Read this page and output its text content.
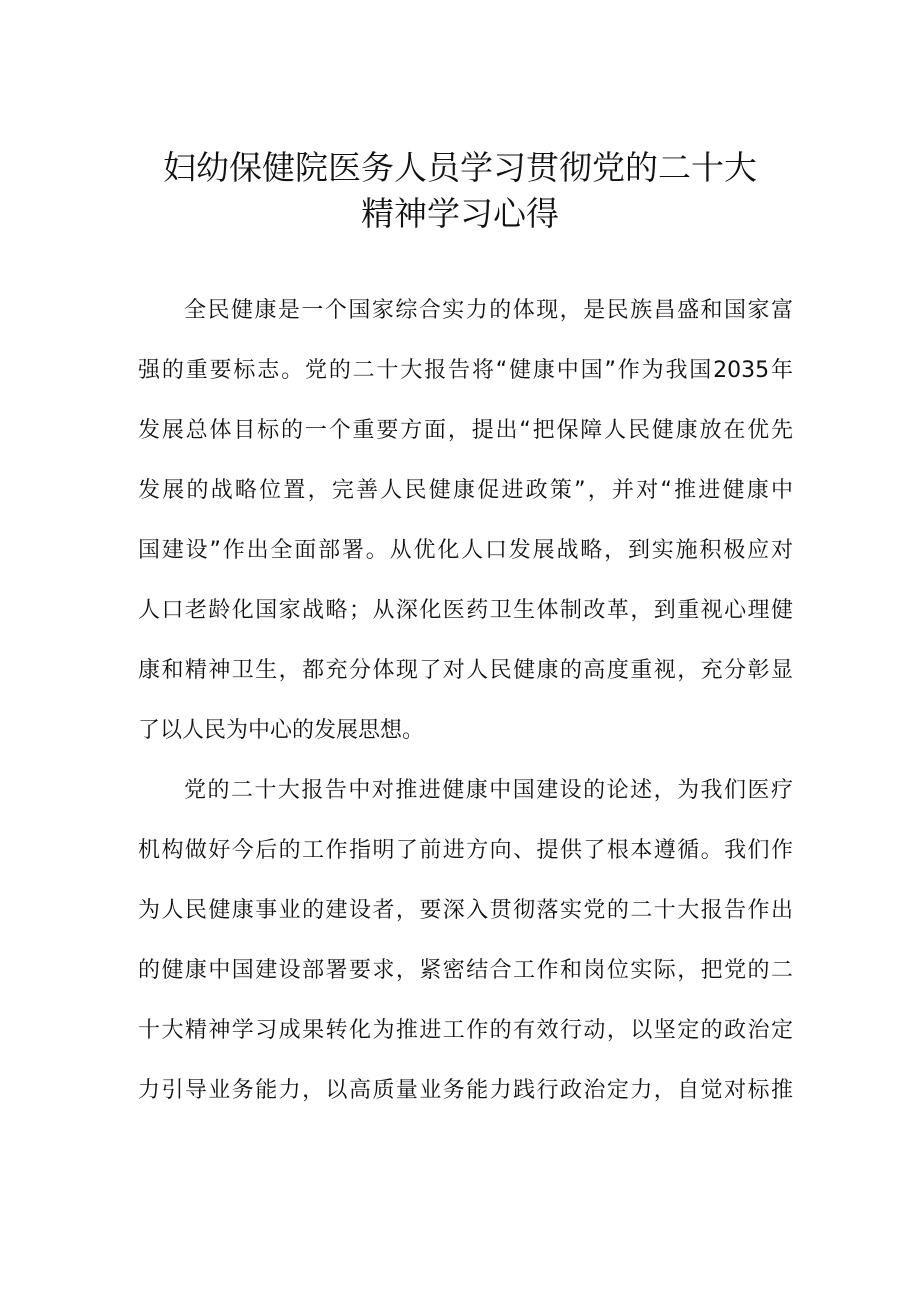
妇幼保健院医务人员学习贯彻党的二十大
精神学习心得
全民健康是一个国家综合实力的体现，是民族昌盛和国家富
强的重要标志。党的二十大报告将“健康中国”作为我国2035年
发展总体目标的一个重要方面，提出“把保障人民健康放在优先
发展的战略位置，完善人民健康促进政策”，并对“推进健康中
国建设”作出全面部署。从优化人口发展战略，到实施积极应对
人口老龄化国家战略；从深化医药卫生体制改革，到重视心理健
康和精神卫生，都充分体现了对人民健康的高度重视，充分彰显
了以人民为中心的发展思想。
党的二十大报告中对推进健康中国建设的论述，为我们医疗
机构做好今后的工作指明了前进方向、提供了根本遵循。我们作
为人民健康事业的建设者，要深入贯彻落实党的二十大报告作出
的健康中国建设部署要求，紧密结合工作和岗位实际，把党的二
十大精神学习成果转化为推进工作的有效行动，以坚定的政治定
力引导业务能力，以高质量业务能力践行政治定力，自觉对标推
